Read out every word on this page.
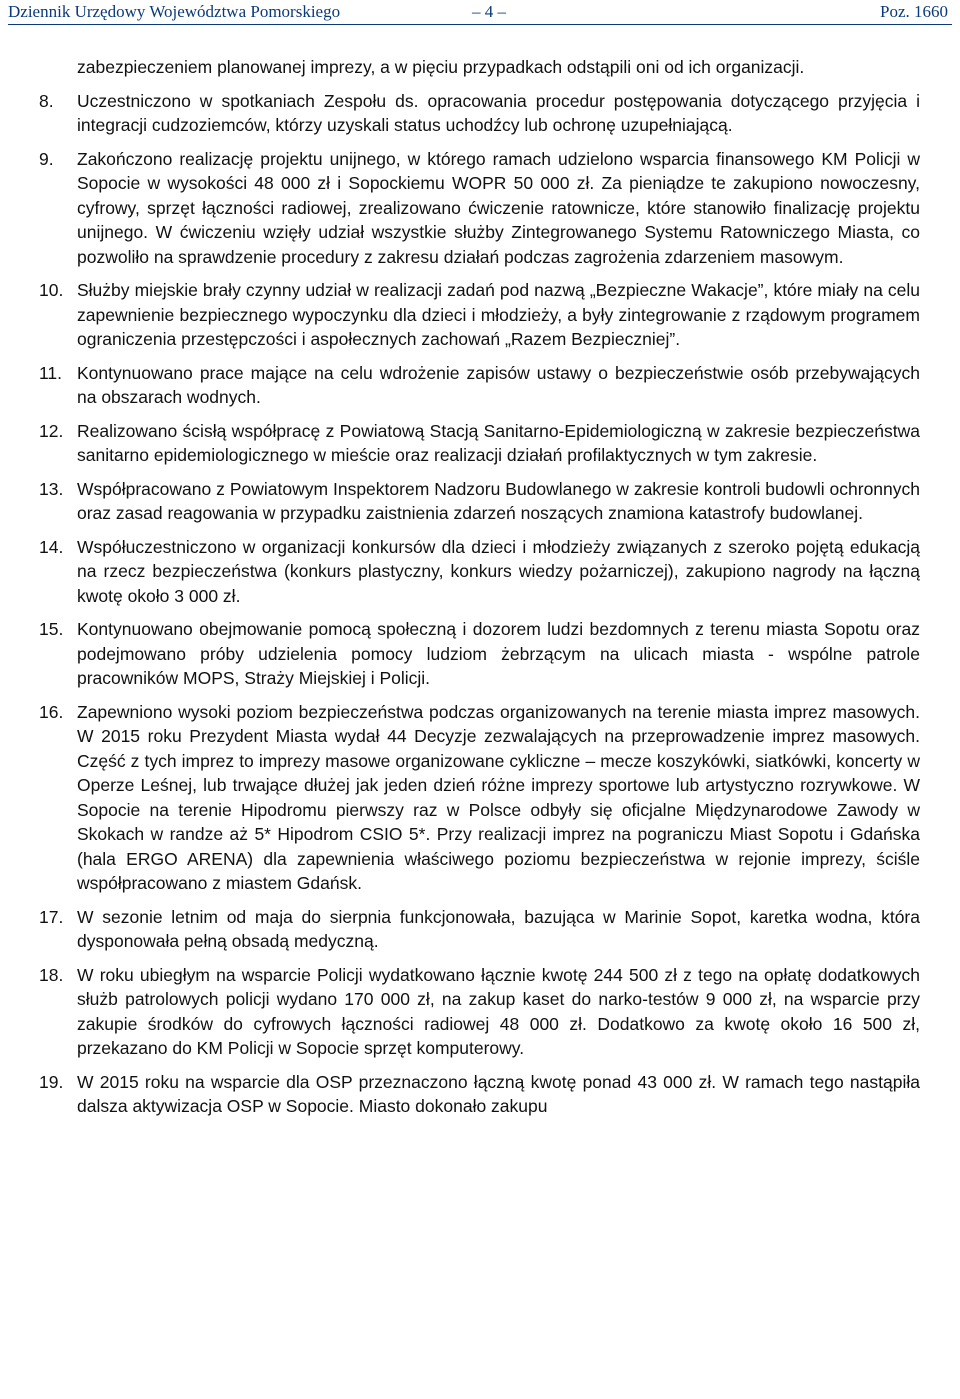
Dziennik Urzędowy Województwa Pomorskiego	– 4 –	Poz. 1660

zabezpieczeniem planowanej imprezy, a w pięciu przypadkach odstąpili oni od ich organizacji.

8.	Uczestniczono w spotkaniach Zespołu ds. opracowania procedur postępowania dotyczącego przyjęcia i integracji cudzoziemców, którzy uzyskali status uchodźcy lub ochronę uzupełniającą.
9.	Zakończono realizację projektu unijnego, w którego ramach udzielono wsparcia finansowego KM Policji w Sopocie w wysokości 48 000 zł i Sopockiemu WOPR 50 000 zł. Za pieniądze te zakupiono nowoczesny, cyfrowy, sprzęt łączności radiowej, zrealizowano ćwiczenie ratownicze, które stanowiło finalizację projektu unijnego. W ćwiczeniu wzięły udział wszystkie służby Zintegrowanego Systemu Ratowniczego Miasta, co pozwoliło na sprawdzenie procedury z zakresu działań podczas zagrożenia zdarzeniem masowym.
10. Służby miejskie brały czynny udział w realizacji zadań pod nazwą „Bezpieczne Wakacje”, które miały na celu zapewnienie bezpiecznego wypoczynku dla dzieci i młodzieży, a były zintegrowanie z rządowym programem ograniczenia przestępczości i aspołecznych zachowań „Razem Bezpieczniej”.
11. Kontynuowano prace mające na celu wdrożenie zapisów ustawy o bezpieczeństwie osób przebywających na obszarach wodnych.
12. Realizowano ścisłą współpracę z Powiatową Stacją Sanitarno-Epidemiologiczną w zakresie bezpieczeństwa sanitarno epidemiologicznego w mieście oraz realizacji działań profilaktycznych w tym zakresie.
13. Współpracowano z Powiatowym Inspektorem Nadzoru Budowlanego w zakresie kontroli budowli ochronnych oraz zasad reagowania w przypadku zaistnienia zdarzeń noszących znamiona katastrofy budowlanej.
14. Współuczestniczono w organizacji konkursów dla dzieci i młodzieży związanych z szeroko pojętą edukacją na rzecz bezpieczeństwa (konkurs plastyczny, konkurs wiedzy pożarniczej), zakupiono nagrody na łączną kwotę około 3 000 zł.
15. Kontynuowano obejmowanie pomocą społeczną i dozorem ludzi bezdomnych z terenu miasta Sopotu oraz podejmowano próby udzielenia pomocy ludziom żebrzącym na ulicach miasta - wspólne patrole pracowników MOPS, Straży Miejskiej i Policji.
16. Zapewniono wysoki poziom bezpieczeństwa podczas organizowanych na terenie miasta imprez masowych. W 2015 roku Prezydent Miasta wydał 44 Decyzje zezwalających na przeprowadzenie imprez masowych. Część z tych imprez to imprezy masowe organizowane cykliczne – mecze koszykówki, siatkówki, koncerty w Operze Leśnej, lub trwające dłużej jak jeden dzień różne imprezy sportowe lub artystyczno rozrywkowe. W Sopocie na terenie Hipodromu pierwszy raz w Polsce odbyły się oficjalne Międzynarodowe Zawody w Skokach w randze aż 5* Hipodrom CSIO 5*. Przy realizacji imprez na pograniczu Miast Sopotu i Gdańska (hala ERGO ARENA) dla zapewnienia właściwego poziomu bezpieczeństwa w rejonie imprezy, ściśle współpracowano z miastem Gdańsk.
17. W sezonie letnim od maja do sierpnia funkcjonowała, bazująca w Marinie Sopot, karetka wodna, która dysponowała pełną obsadą medyczną.
18. W roku ubiegłym na wsparcie Policji wydatkowano łącznie kwotę 244 500 zł z tego na opłatę dodatkowych służb patrolowych policji wydano 170 000 zł, na zakup kaset do narko-testów 9 000 zł, na wsparcie przy zakupie środków do cyfrowych łączności radiowej 48 000 zł. Dodatkowo za kwotę około 16 500 zł, przekazano do KM Policji w Sopocie sprzęt komputerowy.
19. W 2015 roku na wsparcie dla OSP przeznaczono łączną kwotę ponad 43 000 zł. W ramach tego nastąpiła dalsza aktywizacja OSP w Sopocie. Miasto dokonało zakupu
